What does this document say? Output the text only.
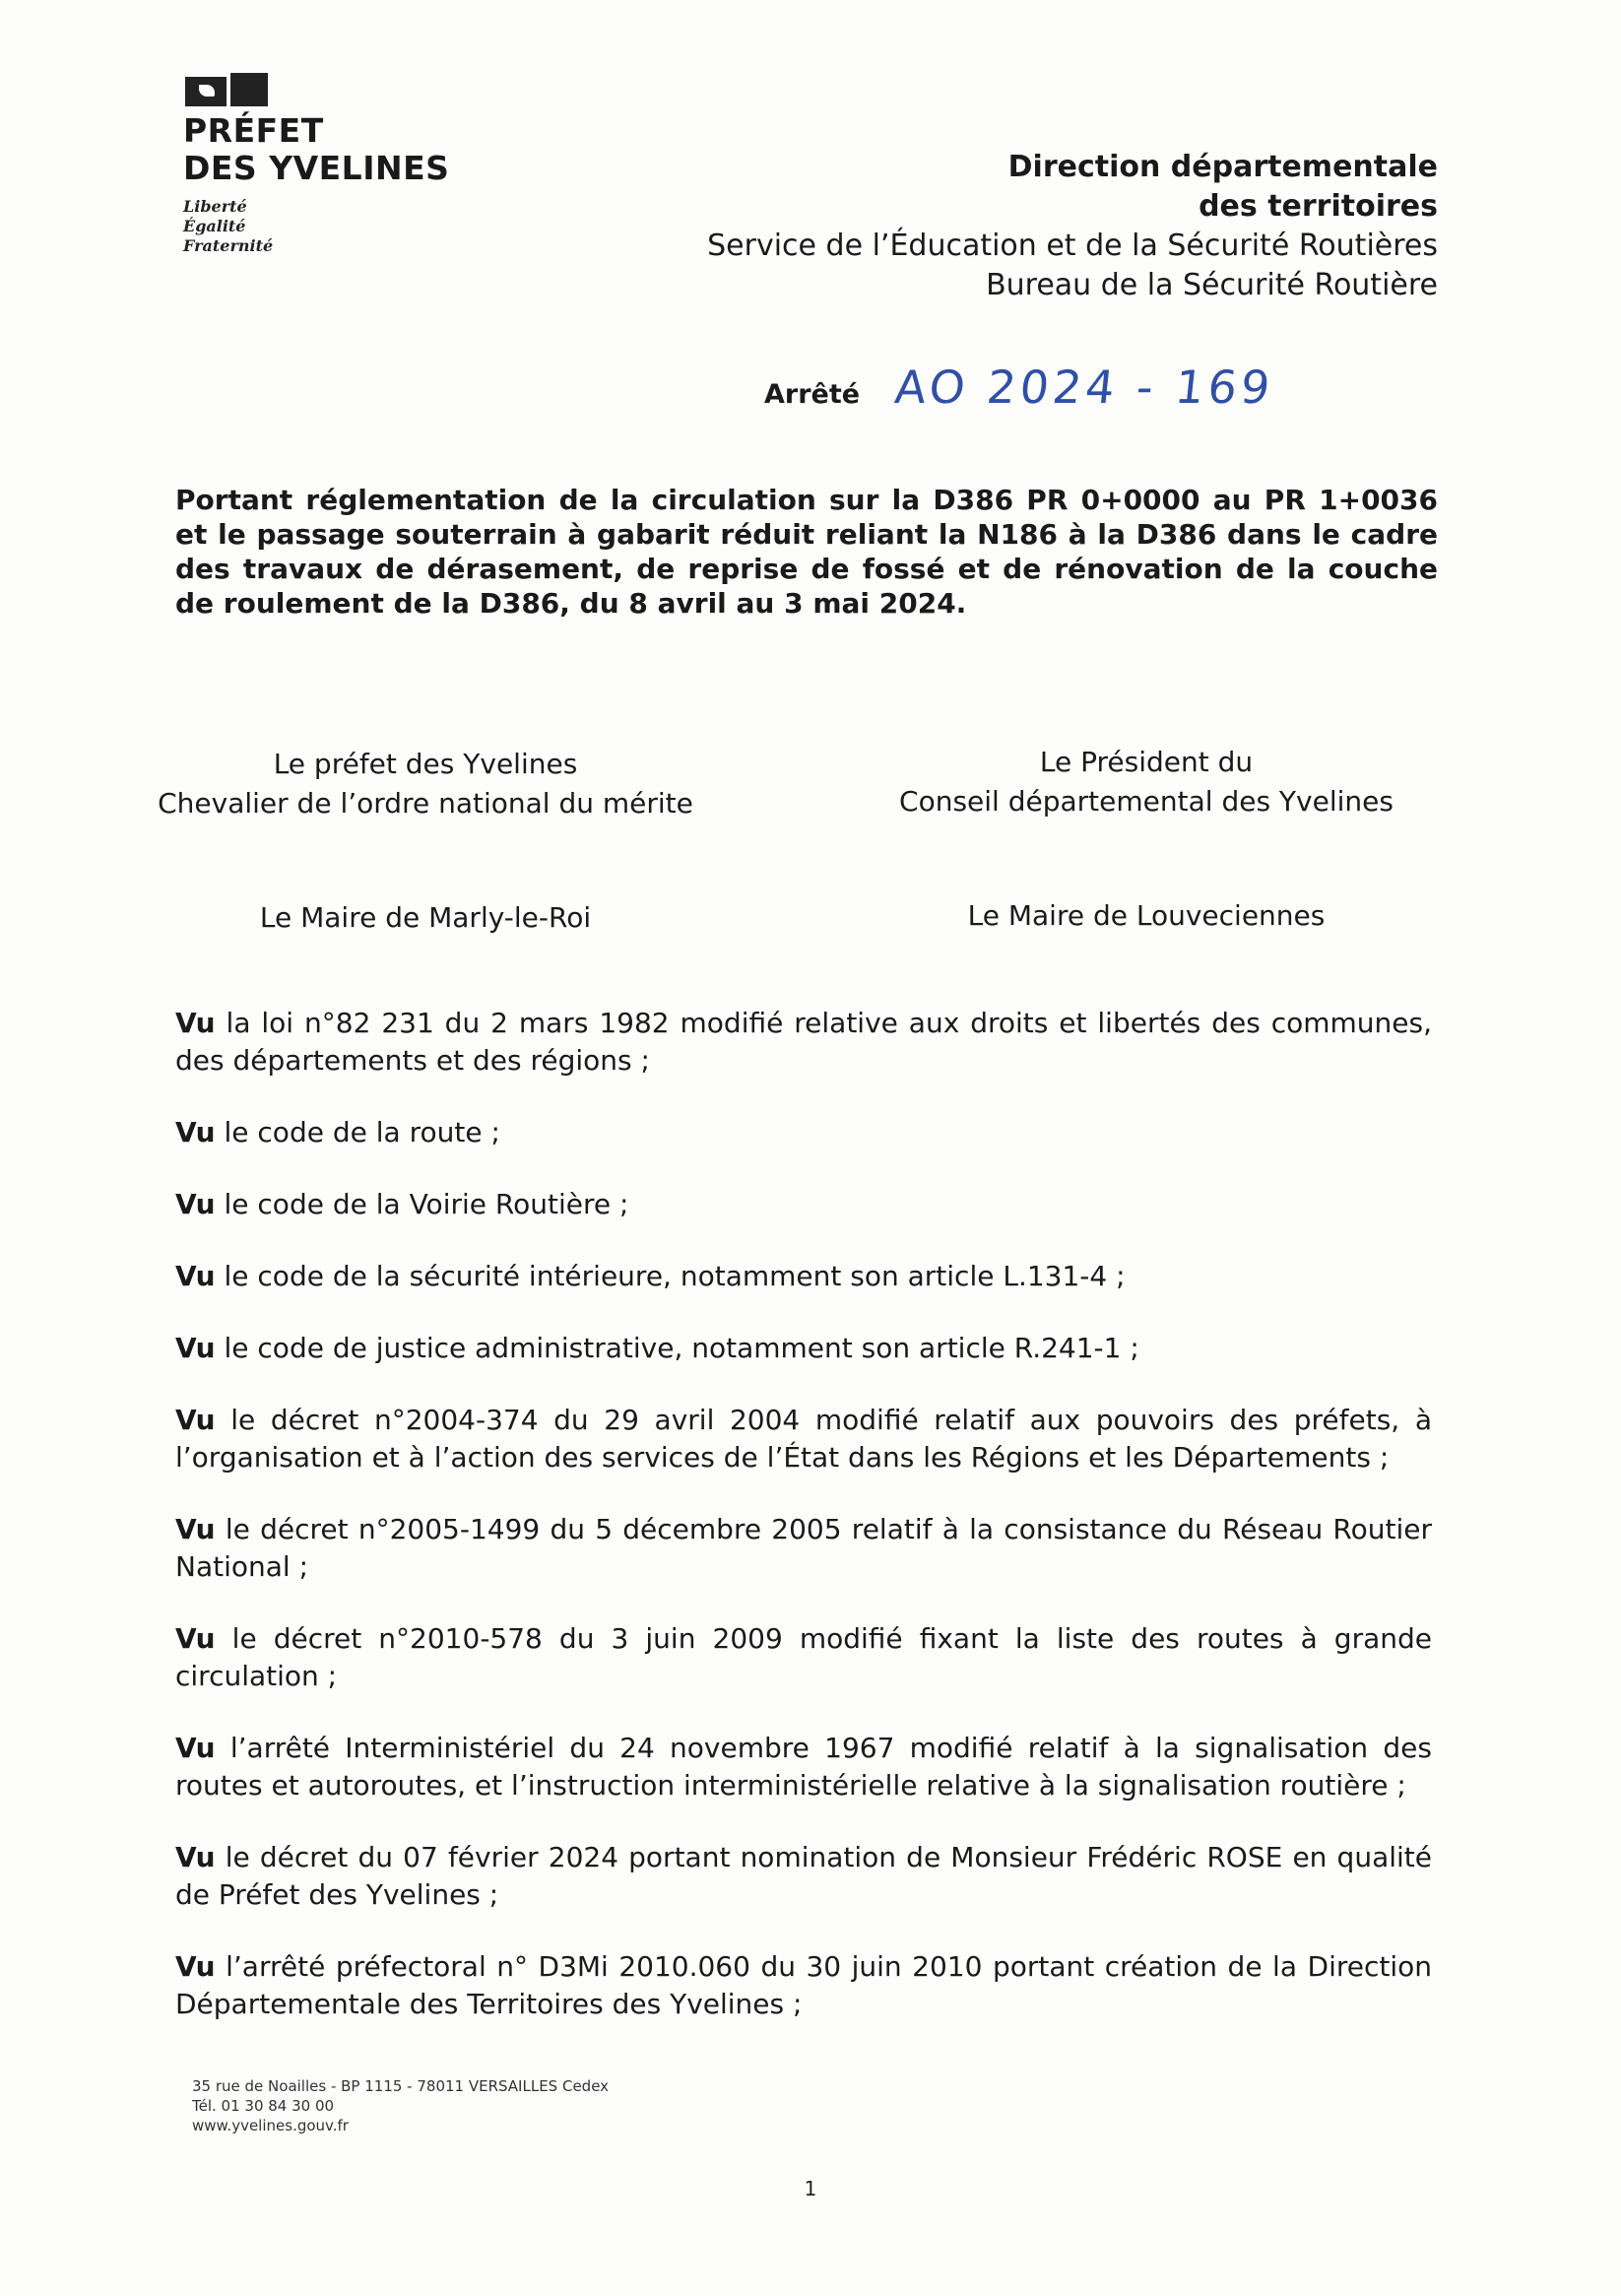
PRÉFET
DES YVELINES
Liberté
Égalité
Fraternité
Direction départementale
des territoires
Service de l’Éducation et de la Sécurité Routières
Bureau de la Sécurité Routière
Arrêté AO 2024 - 169
Portant réglementation de la circulation sur la D386 PR 0+0000 au PR 1+0036 et le passage souterrain à gabarit réduit reliant la N186 à la D386 dans le cadre des travaux de dérasement, de reprise de fossé et de rénovation de la couche de roulement de la D386, du 8 avril au 3 mai 2024.
Le préfet des Yvelines
Chevalier de l’ordre national du mérite
Le Président du
Conseil départemental des Yvelines
Le Maire de Marly-le-Roi	Le Maire de Louveciennes

Vu la loi n°82 231 du 2 mars 1982 modifié relative aux droits et libertés des communes, des départements et des régions ;

Vu le code de la route ;

Vu le code de la Voirie Routière ;

Vu le code de la sécurité intérieure, notamment son article L.131-4 ;

Vu le code de justice administrative, notamment son article R.241-1 ;

Vu le décret n°2004-374 du 29 avril 2004 modifié relatif aux pouvoirs des préfets, à l’organisation et à l’action des services de l’État dans les Régions et les Départements ;

Vu le décret n°2005-1499 du 5 décembre 2005 relatif à la consistance du Réseau Routier National ;

Vu le décret n°2010-578 du 3 juin 2009 modifié fixant la liste des routes à grande circulation ;

Vu l’arrêté Interministériel du 24 novembre 1967 modifié relatif à la signalisation des routes et autoroutes, et l’instruction interministérielle relative à la signalisation routière ;

Vu le décret du 07 février 2024 portant nomination de Monsieur Frédéric ROSE en qualité de Préfet des Yvelines ;

Vu l’arrêté préfectoral n° D3Mi 2010.060 du 30 juin 2010 portant création de la Direction Départementale des Territoires des Yvelines ;

35 rue de Noailles - BP 1115 - 78011 VERSAILLES Cedex
Tél. 01 30 84 30 00
www.yvelines.gouv.fr
1
